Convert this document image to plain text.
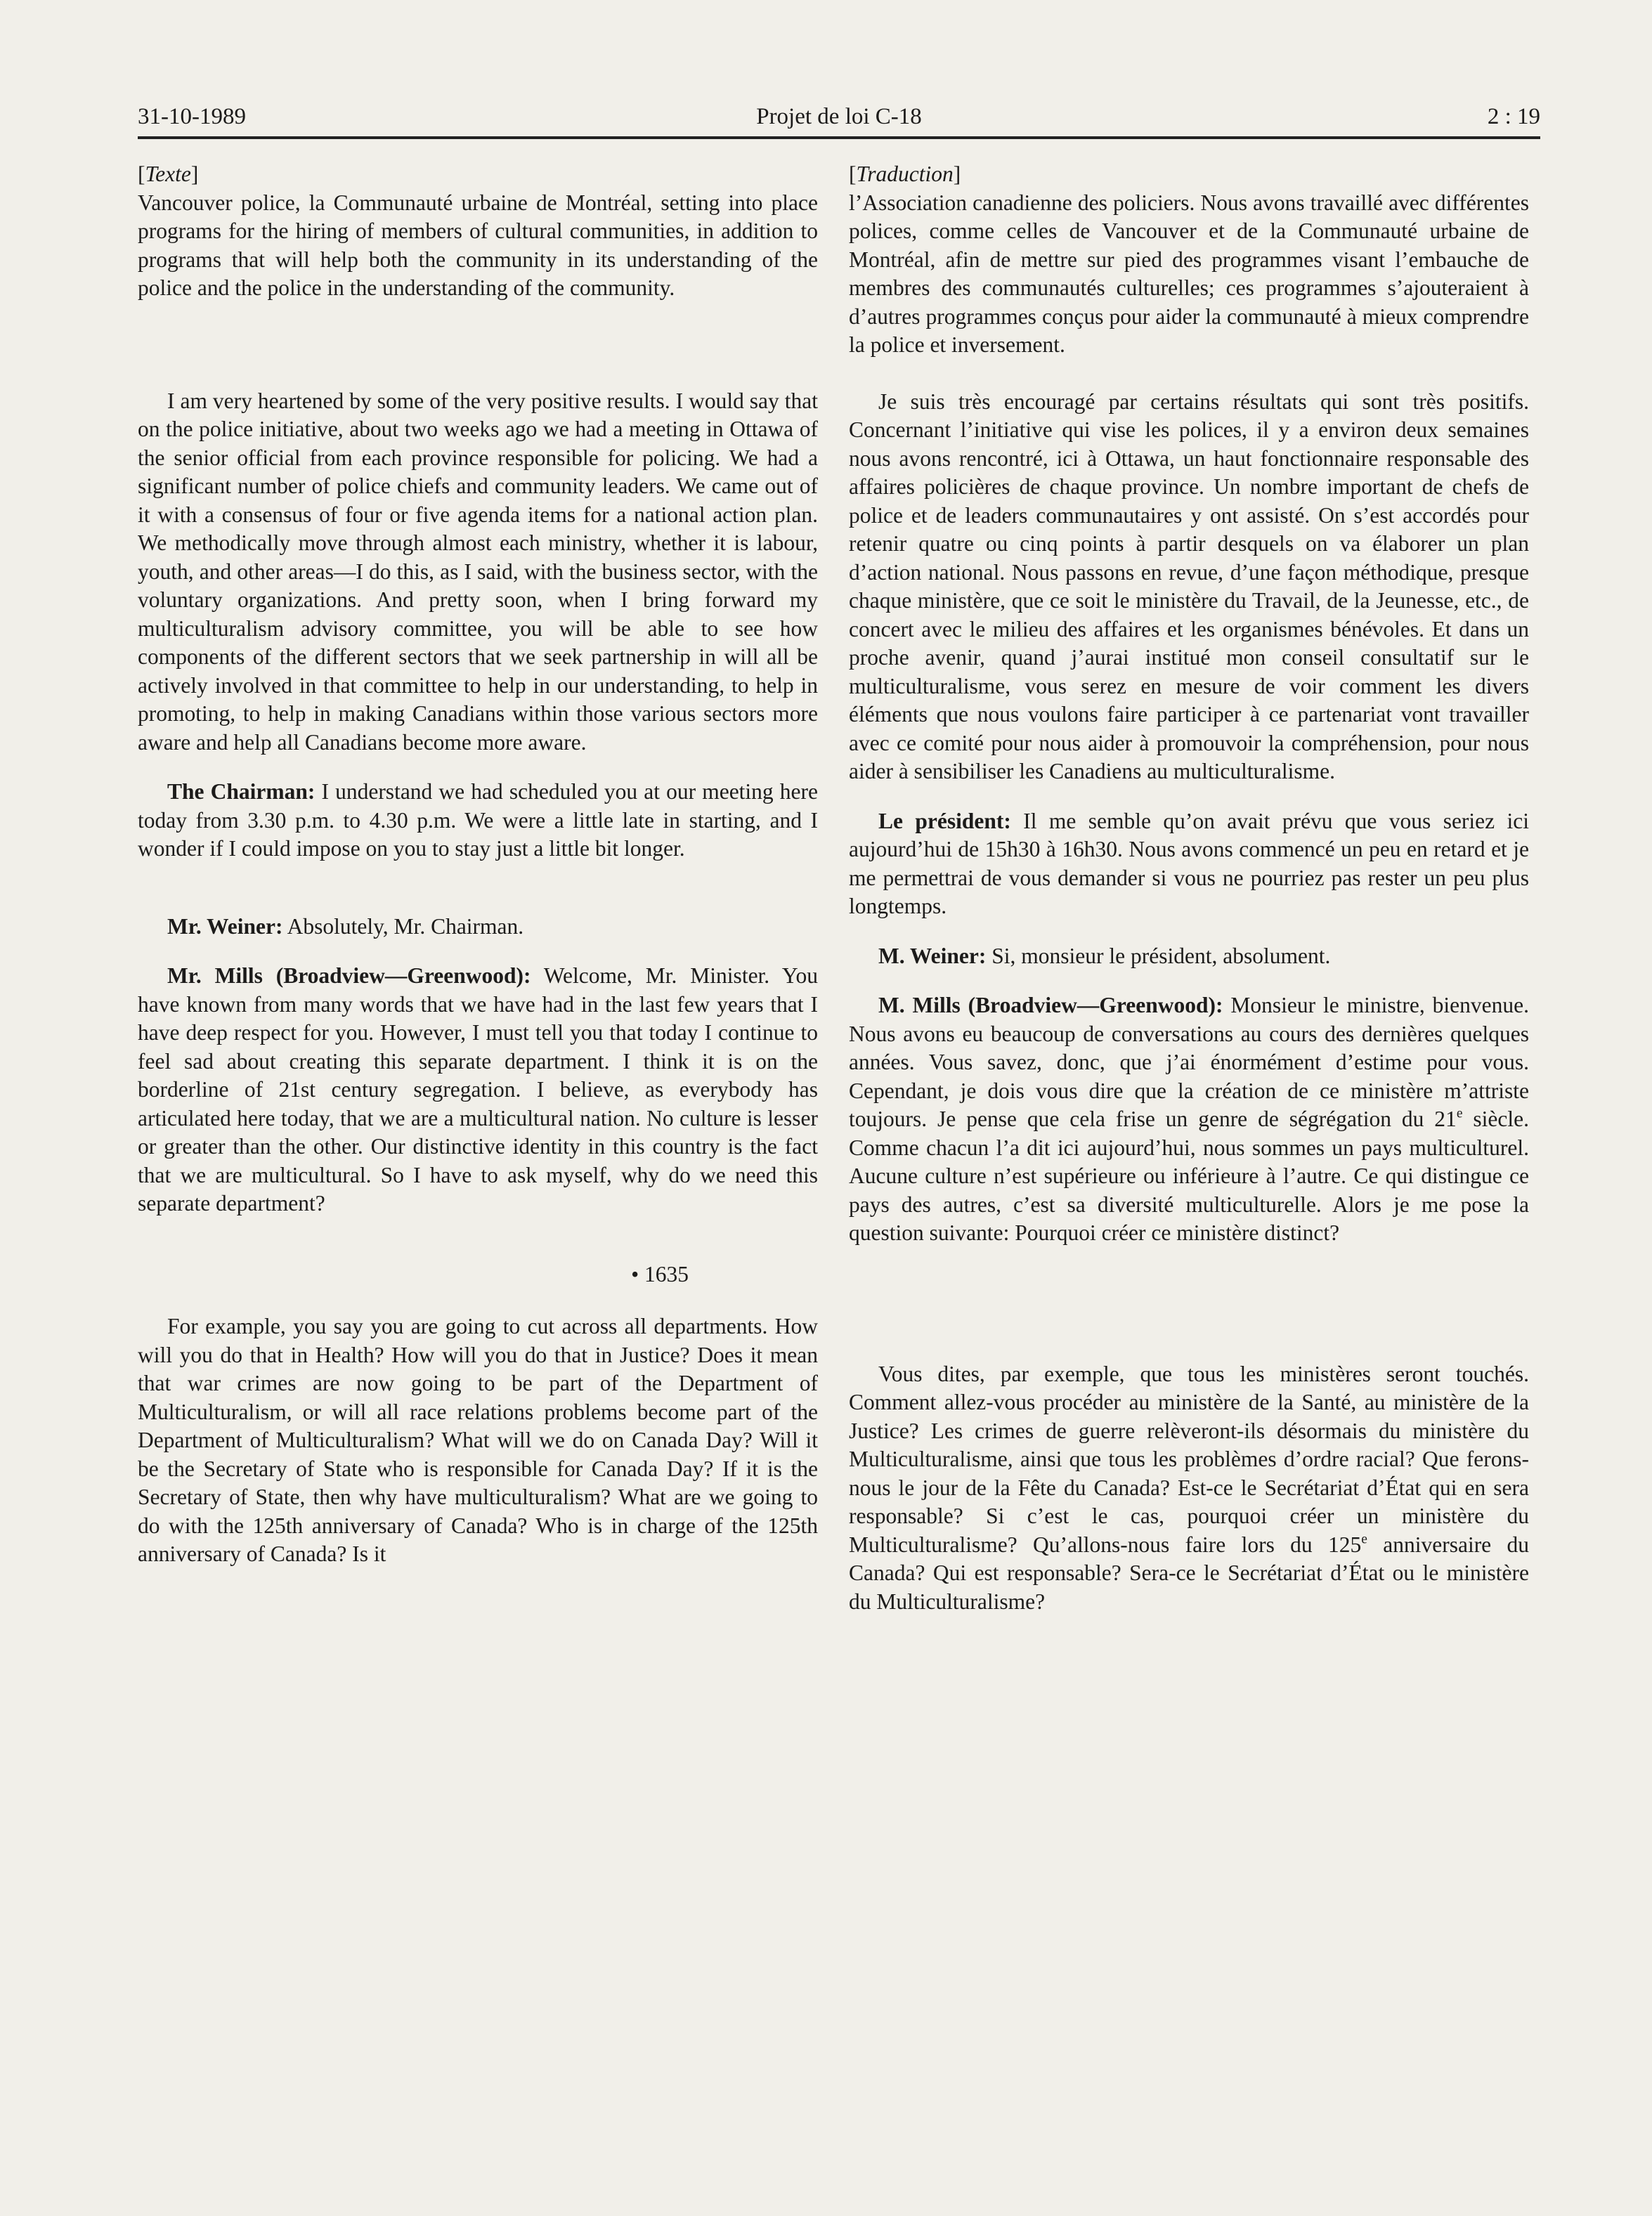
31-10-1989	Projet de loi C-18	2 : 19

[Texte]

Vancouver police, la Communauté urbaine de Montréal, setting into place programs for the hiring of members of cultural communities, in addition to programs that will help both the community in its understanding of the police and the police in the understanding of the community.

I am very heartened by some of the very positive results. I would say that on the police initiative, about two weeks ago we had a meeting in Ottawa of the senior official from each province responsible for policing. We had a significant number of police chiefs and community leaders. We came out of it with a consensus of four or five agenda items for a national action plan. We methodically move through almost each ministry, whether it is labour, youth, and other areas—I do this, as I said, with the business sector, with the voluntary organizations. And pretty soon, when I bring forward my multiculturalism advisory committee, you will be able to see how components of the different sectors that we seek partnership in will all be actively involved in that committee to help in our understanding, to help in promoting, to help in making Canadians within those various sectors more aware and help all Canadians become more aware.

The Chairman: I understand we had scheduled you at our meeting here today from 3.30 p.m. to 4.30 p.m. We were a little late in starting, and I wonder if I could impose on you to stay just a little bit longer.

Mr. Weiner: Absolutely, Mr. Chairman.

Mr. Mills (Broadview—Greenwood): Welcome, Mr. Minister. You have known from many words that we have had in the last few years that I have deep respect for you. However, I must tell you that today I continue to feel sad about creating this separate department. I think it is on the borderline of 21st century segregation. I believe, as everybody has articulated here today, that we are a multicultural nation. No culture is lesser or greater than the other. Our distinctive identity in this country is the fact that we are multicultural. So I have to ask myself, why do we need this separate department?

• 1635

For example, you say you are going to cut across all departments. How will you do that in Health? How will you do that in Justice? Does it mean that war crimes are now going to be part of the Department of Multiculturalism, or will all race relations problems become part of the Department of Multiculturalism? What will we do on Canada Day? Will it be the Secretary of State who is responsible for Canada Day? If it is the Secretary of State, then why have multiculturalism? What are we going to do with the 125th anniversary of Canada? Who is in charge of the 125th anniversary of Canada? Is it

[Traduction]

l’Association canadienne des policiers. Nous avons travaillé avec différentes polices, comme celles de Vancouver et de la Communauté urbaine de Montréal, afin de mettre sur pied des programmes visant l’embauche de membres des communautés culturelles; ces programmes s’ajouteraient à d’autres programmes conçus pour aider la communauté à mieux comprendre la police et inversement.

Je suis très encouragé par certains résultats qui sont très positifs. Concernant l’initiative qui vise les polices, il y a environ deux semaines nous avons rencontré, ici à Ottawa, un haut fonctionnaire responsable des affaires policières de chaque province. Un nombre important de chefs de police et de leaders communautaires y ont assisté. On s’est accordés pour retenir quatre ou cinq points à partir desquels on va élaborer un plan d’action national. Nous passons en revue, d’une façon méthodique, presque chaque ministère, que ce soit le ministère du Travail, de la Jeunesse, etc., de concert avec le milieu des affaires et les organismes bénévoles. Et dans un proche avenir, quand j’aurai institué mon conseil consultatif sur le multiculturalisme, vous serez en mesure de voir comment les divers éléments que nous voulons faire participer à ce partenariat vont travailler avec ce comité pour nous aider à promouvoir la compréhension, pour nous aider à sensibiliser les Canadiens au multiculturalisme.

Le président: Il me semble qu’on avait prévu que vous seriez ici aujourd’hui de 15h30 à 16h30. Nous avons commencé un peu en retard et je me permettrai de vous demander si vous ne pourriez pas rester un peu plus longtemps.

M. Weiner: Si, monsieur le président, absolument.

M. Mills (Broadview—Greenwood): Monsieur le ministre, bienvenue. Nous avons eu beaucoup de conversations au cours des dernières quelques années. Vous savez, donc, que j’ai énormément d’estime pour vous. Cependant, je dois vous dire que la création de ce ministère m’attriste toujours. Je pense que cela frise un genre de ségrégation du 21e siècle. Comme chacun l’a dit ici aujourd’hui, nous sommes un pays multiculturel. Aucune culture n’est supérieure ou inférieure à l’autre. Ce qui distingue ce pays des autres, c’est sa diversité multiculturelle. Alors je me pose la question suivante: Pourquoi créer ce ministère distinct?

Vous dites, par exemple, que tous les ministères seront touchés. Comment allez-vous procéder au ministère de la Santé, au ministère de la Justice? Les crimes de guerre relèveront-ils désormais du ministère du Multiculturalisme, ainsi que tous les problèmes d’ordre racial? Que ferons-nous le jour de la Fête du Canada? Est-ce le Secrétariat d’État qui en sera responsable? Si c’est le cas, pourquoi créer un ministère du Multiculturalisme? Qu’allons-nous faire lors du 125e anniversaire du Canada? Qui est responsable? Sera-ce le Secrétariat d’État ou le ministère du Multiculturalisme?
